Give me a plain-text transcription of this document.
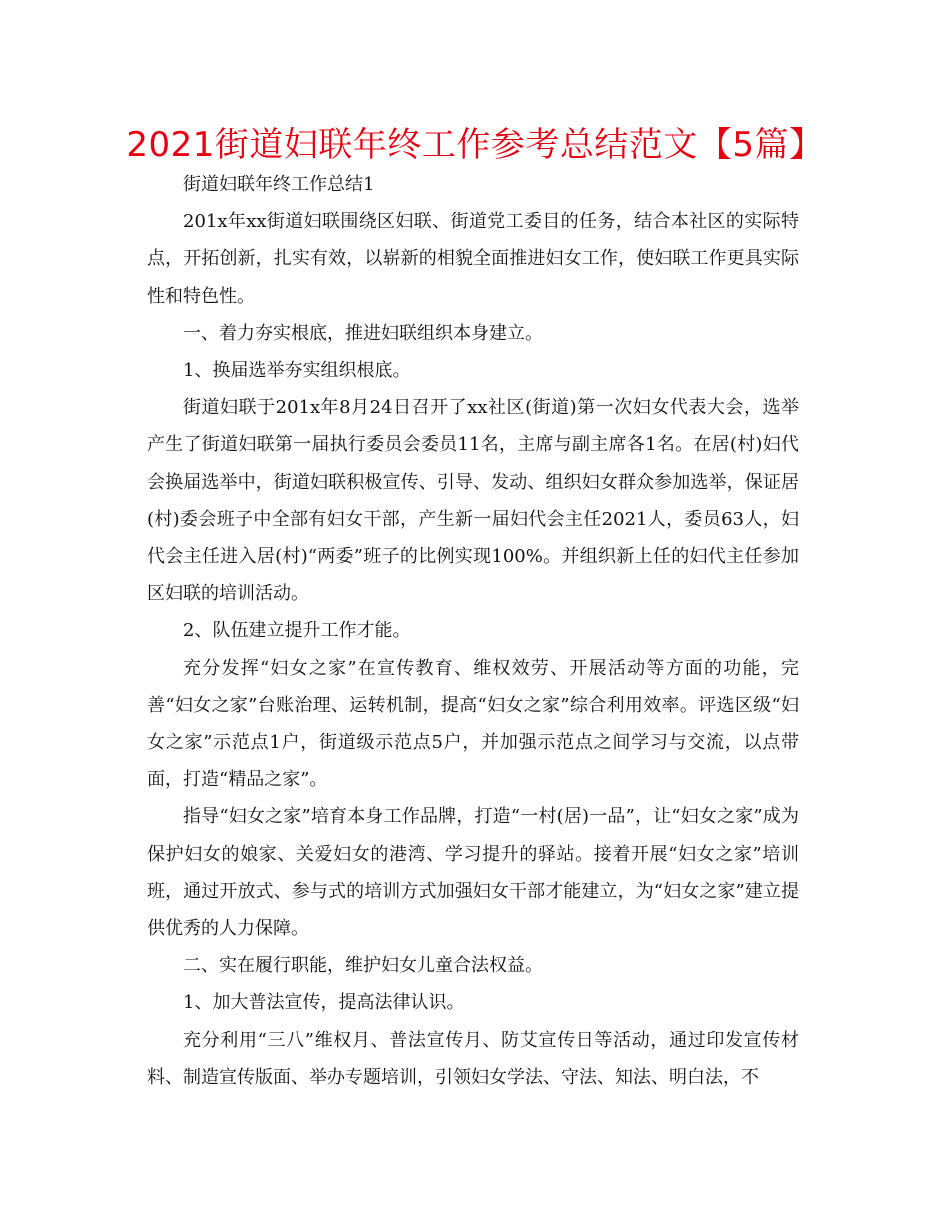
2021街道妇联年终工作参考总结范文【5篇】

街道妇联年终工作总结1

201x年xx街道妇联围绕区妇联、街道党工委目的任务，结合本社区的实际特点，开拓创新，扎实有效，以崭新的相貌全面推进妇女工作，使妇联工作更具实际性和特色性。

一、着力夯实根底，推进妇联组织本身建立。

1、换届选举夯实组织根底。

街道妇联于201x年8月24日召开了xx社区(街道)第一次妇女代表大会，选举产生了街道妇联第一届执行委员会委员11名，主席与副主席各1名。在居(村)妇代会换届选举中，街道妇联积极宣传、引导、发动、组织妇女群众参加选举，保证居(村)委会班子中全部有妇女干部，产生新一届妇代会主任2021人，委员63人，妇代会主任进入居(村)“两委”班子的比例实现100%。并组织新上任的妇代主任参加区妇联的培训活动。

2、队伍建立提升工作才能。

充分发挥“妇女之家”在宣传教育、维权效劳、开展活动等方面的功能，完善“妇女之家”台账治理、运转机制，提高“妇女之家”综合利用效率。评选区级“妇女之家”示范点1户，街道级示范点5户，并加强示范点之间学习与交流，以点带面，打造“精品之家”。

指导“妇女之家”培育本身工作品牌，打造“一村(居)一品”，让“妇女之家”成为保护妇女的娘家、关爱妇女的港湾、学习提升的驿站。接着开展“妇女之家”培训班，通过开放式、参与式的培训方式加强妇女干部才能建立，为“妇女之家”建立提供优秀的人力保障。

二、实在履行职能，维护妇女儿童合法权益。

1、加大普法宣传，提高法律认识。

充分利用“三八”维权月、普法宣传月、防艾宣传日等活动，通过印发宣传材料、制造宣传版面、举办专题培训，引领妇女学法、守法、知法、明白法，不
